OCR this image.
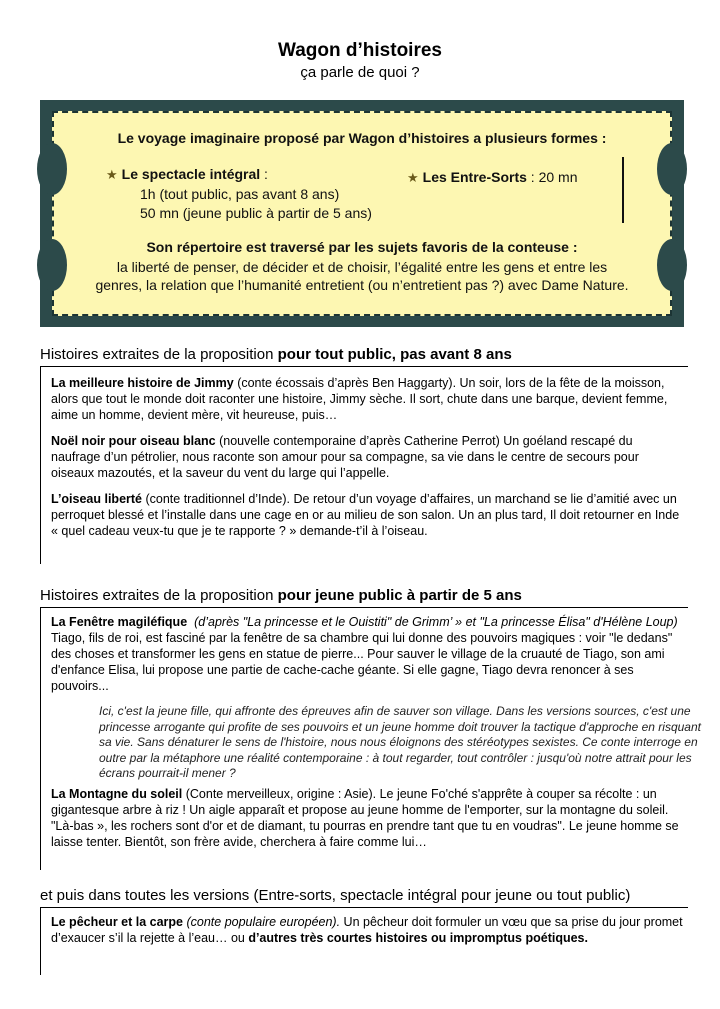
Wagon d’histoires
ça parle de quoi ?
Le voyage imaginaire proposé par Wagon d’histoires a plusieurs formes :
★ Le spectacle intégral :
1h (tout public, pas avant 8 ans)
50 mn (jeune public à partir de 5 ans)
★ Les Entre-Sorts : 20 mn
Son répertoire est traversé par les sujets favoris de la conteuse :
la liberté de penser, de décider et de choisir, l’égalité entre les gens et entre les
genres, la relation que l’humanité entretient (ou n’entretient pas ?) avec Dame Nature.
Histoires extraites de la proposition pour tout public, pas avant 8 ans

La meilleure histoire de Jimmy (conte écossais d’après Ben Haggarty). Un soir, lors de la fête de la moisson, alors que tout le monde doit raconter une histoire, Jimmy sèche. Il sort, chute dans une barque, devient femme, aime un homme, devient mère, vit heureuse, puis…

Noël noir pour oiseau blanc (nouvelle contemporaine d’après Catherine Perrot) Un goéland rescapé du naufrage d’un pétrolier, nous raconte son amour pour sa compagne, sa vie dans le centre de secours pour oiseaux mazoutés, et la saveur du vent du large qui l’appelle.

L’oiseau liberté (conte traditionnel d’Inde). De retour d’un voyage d’affaires, un marchand se lie d’amitié avec un perroquet blessé et l’installe dans une cage en or au milieu de son salon. Un an plus tard, Il doit retourner en Inde « quel cadeau veux-tu que je te rapporte ? » demande-t’il à l’oiseau.

Histoires extraites de la proposition pour jeune public à partir de 5 ans

La Fenêtre magiléfique (d’après "La princesse et le Ouistiti" de Grimm’ » et "La princesse Élisa" d'Hélène Loup) Tiago, fils de roi, est fasciné par la fenêtre de sa chambre qui lui donne des pouvoirs magiques : voir "le dedans" des choses et transformer les gens en statue de pierre... Pour sauver le village de la cruauté de Tiago, son ami d'enfance Elisa, lui propose une partie de cache-cache géante. Si elle gagne, Tiago devra renoncer à ses pouvoirs...

Ici, c'est la jeune fille, qui affronte des épreuves afin de sauver son village. Dans les versions sources, c'est une princesse arrogante qui profite de ses pouvoirs et un jeune homme doit trouver la tactique d'approche en risquant sa vie. Sans dénaturer le sens de l'histoire, nous nous éloignons des stéréotypes sexistes. Ce conte interroge en outre par la métaphore une réalité contemporaine : à tout regarder, tout contrôler : jusqu'où notre attrait pour les écrans pourrait-il mener ?

La Montagne du soleil (Conte merveilleux, origine : Asie). Le jeune Fo'ché s'apprête à couper sa récolte : un gigantesque arbre à riz ! Un aigle apparaît et propose au jeune homme de l'emporter, sur la montagne du soleil. "Là-bas », les rochers sont d'or et de diamant, tu pourras en prendre tant que tu en voudras". Le jeune homme se laisse tenter. Bientôt, son frère avide, cherchera à faire comme lui…

et puis dans toutes les versions (Entre-sorts, spectacle intégral pour jeune ou tout public)

Le pêcheur et la carpe (conte populaire européen). Un pêcheur doit formuler un vœu que sa prise du jour promet d’exaucer s’il la rejette à l’eau… ou d’autres très courtes histoires ou impromptus poétiques.
